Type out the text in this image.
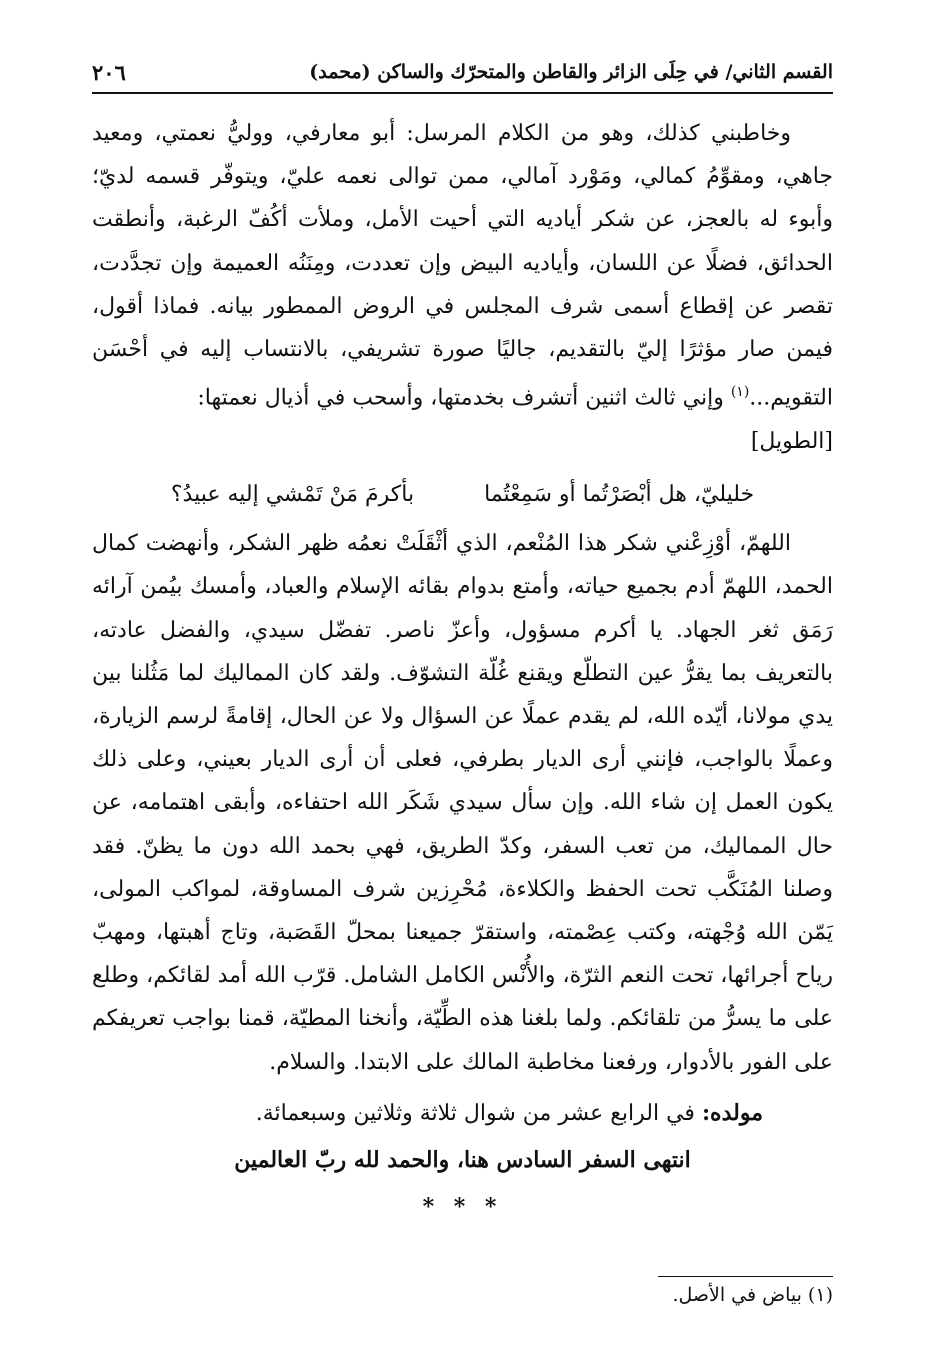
القسم الثاني/ في حِلَى الزائر والقاطن والمتحرّك والساكن (محمد)
٢٠٦

وخاطبني كذلك، وهو من الكلام المرسل: أبو معارفي، ووليُّ نعمتي، ومعيد جاهي، ومقوِّمُ كمالي، ومَوْرد آمالي، ممن توالى نعمه عليّ، ويتوفّر قسمه لديّ؛ وأبوء له بالعجز، عن شكر أياديه التي أحيت الأمل، وملأت أكُفّ الرغبة، وأنطقت الحدائق، فضلًا عن اللسان، وأياديه البيض وإن تعددت، ومِنَنُه العميمة وإن تجدَّدت، تقصر عن إقطاع أسمى شرف المجلس في الروض الممطور بيانه. فماذا أقول، فيمن صار مؤثرًا إليّ بالتقديم، جاليًا صورة تشريفي، بالانتساب إليه في أحْسَن التقويم...$^{(١)}$ وإني ثالث اثنين أتشرف بخدمتها، وأسحب في أذيال نعمتها:

[الطويل]
خليليّ، هل أبْصَرْتُما أو سَمِعْتُما
بأكرمَ مَنْ تَمْشي إليه عبيدُ؟

اللهمّ، أوْزِعْني شكر هذا المُنْعم، الذي أثْقَلَتْ نعمُه ظهر الشكر، وأنهضت كمال الحمد، اللهمّ أدم بجميع حياته، وأمتع بدوام بقائه الإسلام والعباد، وأمسك بيُمن آرائه رَمَق ثغر الجهاد. يا أكرم مسؤول، وأعزّ ناصر. تفضّل سيدي، والفضل عادته، بالتعريف بما يقرُّ عين التطلّع ويقنع غُلّة التشوّف. ولقد كان المماليك لما مَثُلنا بين يدي مولانا، أيّده الله، لم يقدم عملًا عن السؤال ولا عن الحال، إقامةً لرسم الزيارة، وعملًا بالواجب، فإنني أرى الديار بطرفي، فعلى أن أرى الديار بعيني، وعلى ذلك يكون العمل إن شاء الله. وإن سأل سيدي شَكَر الله احتفاءه، وأبقى اهتمامه، عن حال المماليك، من تعب السفر، وكدّ الطريق، فهي بحمد الله دون ما يظنّ. فقد وصلنا المُنَكَّب تحت الحفظ والكلاءة، مُحْرِزين شرف المساوقة، لمواكب المولى، يَمّن الله وُجْهته، وكتب عِصْمته، واستقرّ جميعنا بمحلّ القَصَبة، وتاج أهبتها، ومهبّ رياح أجرائها، تحت النعم الثرّة، والأُنْس الكامل الشامل. قرّب الله أمد لقائكم، وطلع على ما يسرُّ من تلقائكم. ولما بلغنا هذه الطِّيّة، وأنخنا المطيّة، قمنا بواجب تعريفكم على الفور بالأدوار، ورفعنا مخاطبة المالك على الابتدا. والسلام.

مولده: في الرابع عشر من شوال ثلاثة وثلاثين وسبعمائة.
انتهى السفر السادس هنا، والحمد لله ربّ العالمين
* * *
(١) بياض في الأصل.
